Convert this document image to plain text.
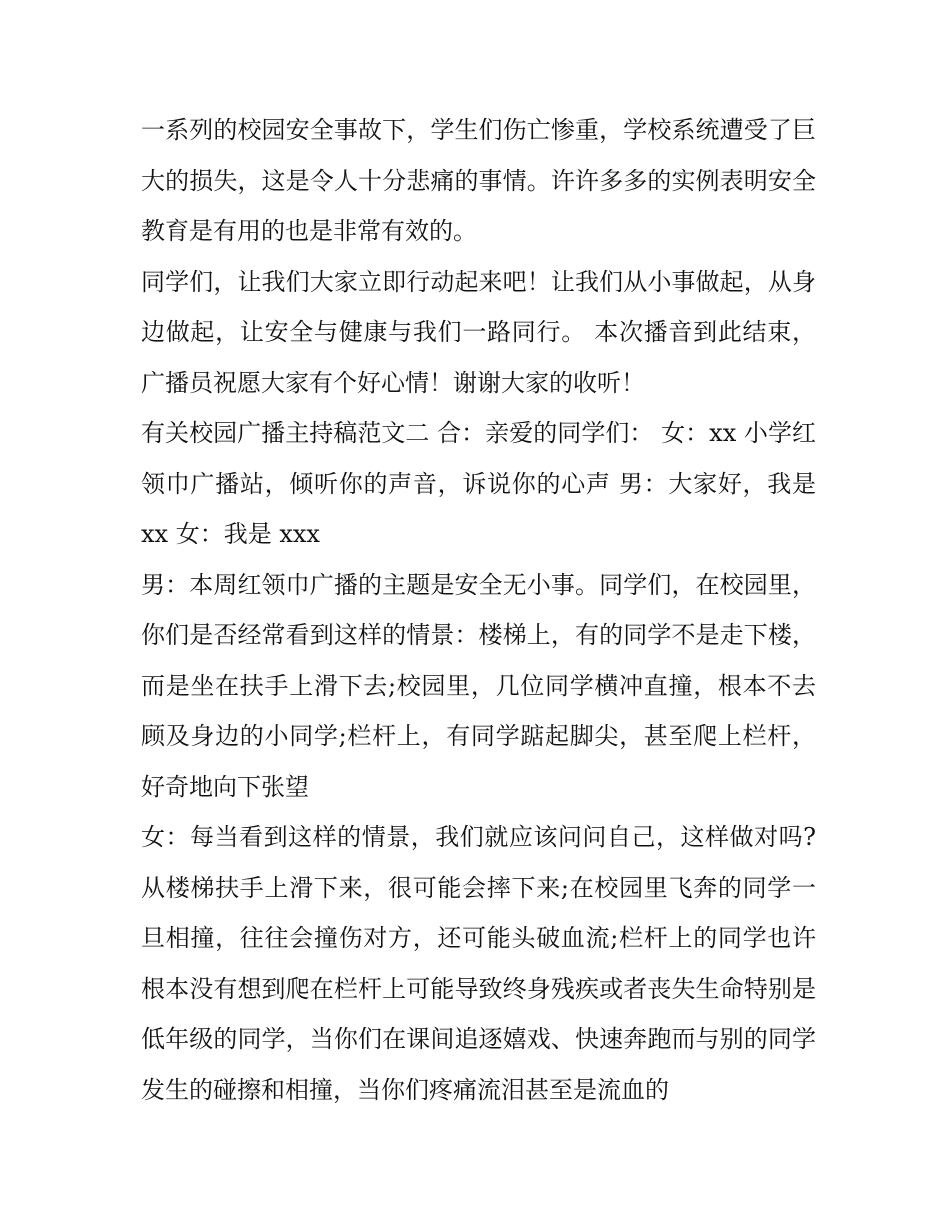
一系列的校园安全事故下，学生们伤亡惨重，学校系统遭受了巨大的损失，这是令人十分悲痛的事情。许许多多的实例表明安全教育是有用的也是非常有效的。

同学们，让我们大家立即行动起来吧！让我们从小事做起，从身边做起，让安全与健康与我们一路同行。 本次播音到此结束，广播员祝愿大家有个好心情！谢谢大家的收听！

有关校园广播主持稿范文二 合：亲爱的同学们： 女：xx 小学红领巾广播站，倾听你的声音，诉说你的心声 男：大家好，我是 xx 女：我是 xxx

男：本周红领巾广播的主题是安全无小事。同学们，在校园里，你们是否经常看到这样的情景：楼梯上，有的同学不是走下楼，而是坐在扶手上滑下去;校园里，几位同学横冲直撞，根本不去顾及身边的小同学;栏杆上，有同学踮起脚尖，甚至爬上栏杆，好奇地向下张望

女：每当看到这样的情景，我们就应该问问自己，这样做对吗?从楼梯扶手上滑下来，很可能会摔下来;在校园里飞奔的同学一旦相撞，往往会撞伤对方，还可能头破血流;栏杆上的同学也许根本没有想到爬在栏杆上可能导致终身残疾或者丧失生命特别是低年级的同学，当你们在课间追逐嬉戏、快速奔跑而与别的同学发生的碰擦和相撞，当你们疼痛流泪甚至是流血的
